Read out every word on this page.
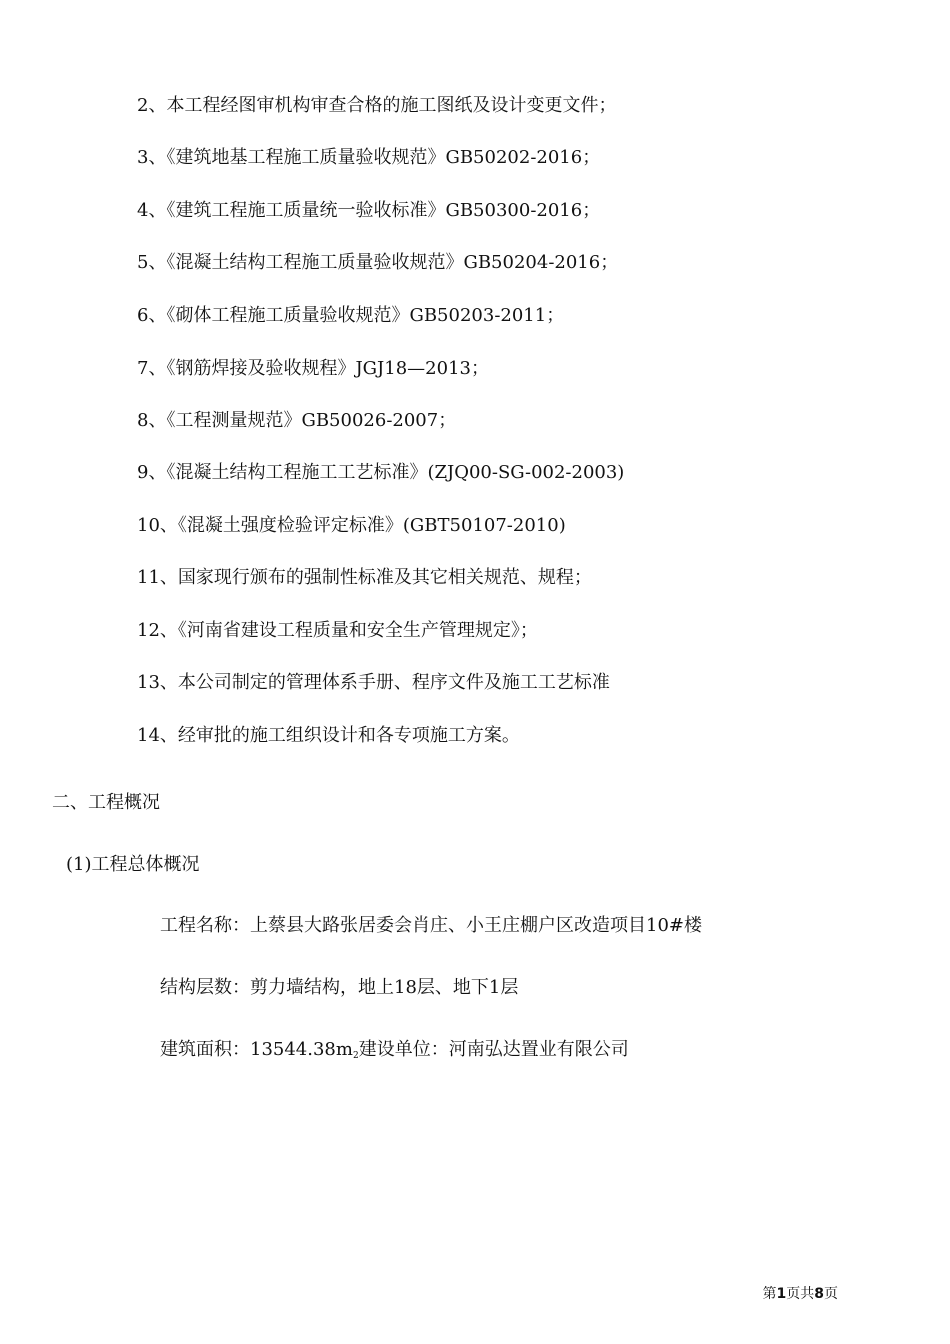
2、本工程经图审机构审查合格的施工图纸及设计变更文件；
3、《建筑地基工程施工质量验收规范》GB50202-2016；
4、《建筑工程施工质量统一验收标准》GB50300-2016；
5、《混凝土结构工程施工质量验收规范》GB50204-2016；
6、《砌体工程施工质量验收规范》GB50203-2011；
7、《钢筋焊接及验收规程》JGJ18—2013；
8、《工程测量规范》GB50026-2007；
9、《混凝土结构工程施工工艺标准》(ZJQ00-SG-002-2003)
10、《混凝土强度检验评定标准》(GBT50107-2010)
11、国家现行颁布的强制性标准及其它相关规范、规程；
12、《河南省建设工程质量和安全生产管理规定》；
13、本公司制定的管理体系手册、程序文件及施工工艺标准
14、经审批的施工组织设计和各专项施工方案。
二、工程概况
(1)工程总体概况
工程名称：上蔡县大路张居委会肖庄、小王庄棚户区改造项目10#楼
结构层数：剪力墙结构，地上18层、地下1层
建筑面积：13544.38m2建设单位：河南弘达置业有限公司
第1页共8页
